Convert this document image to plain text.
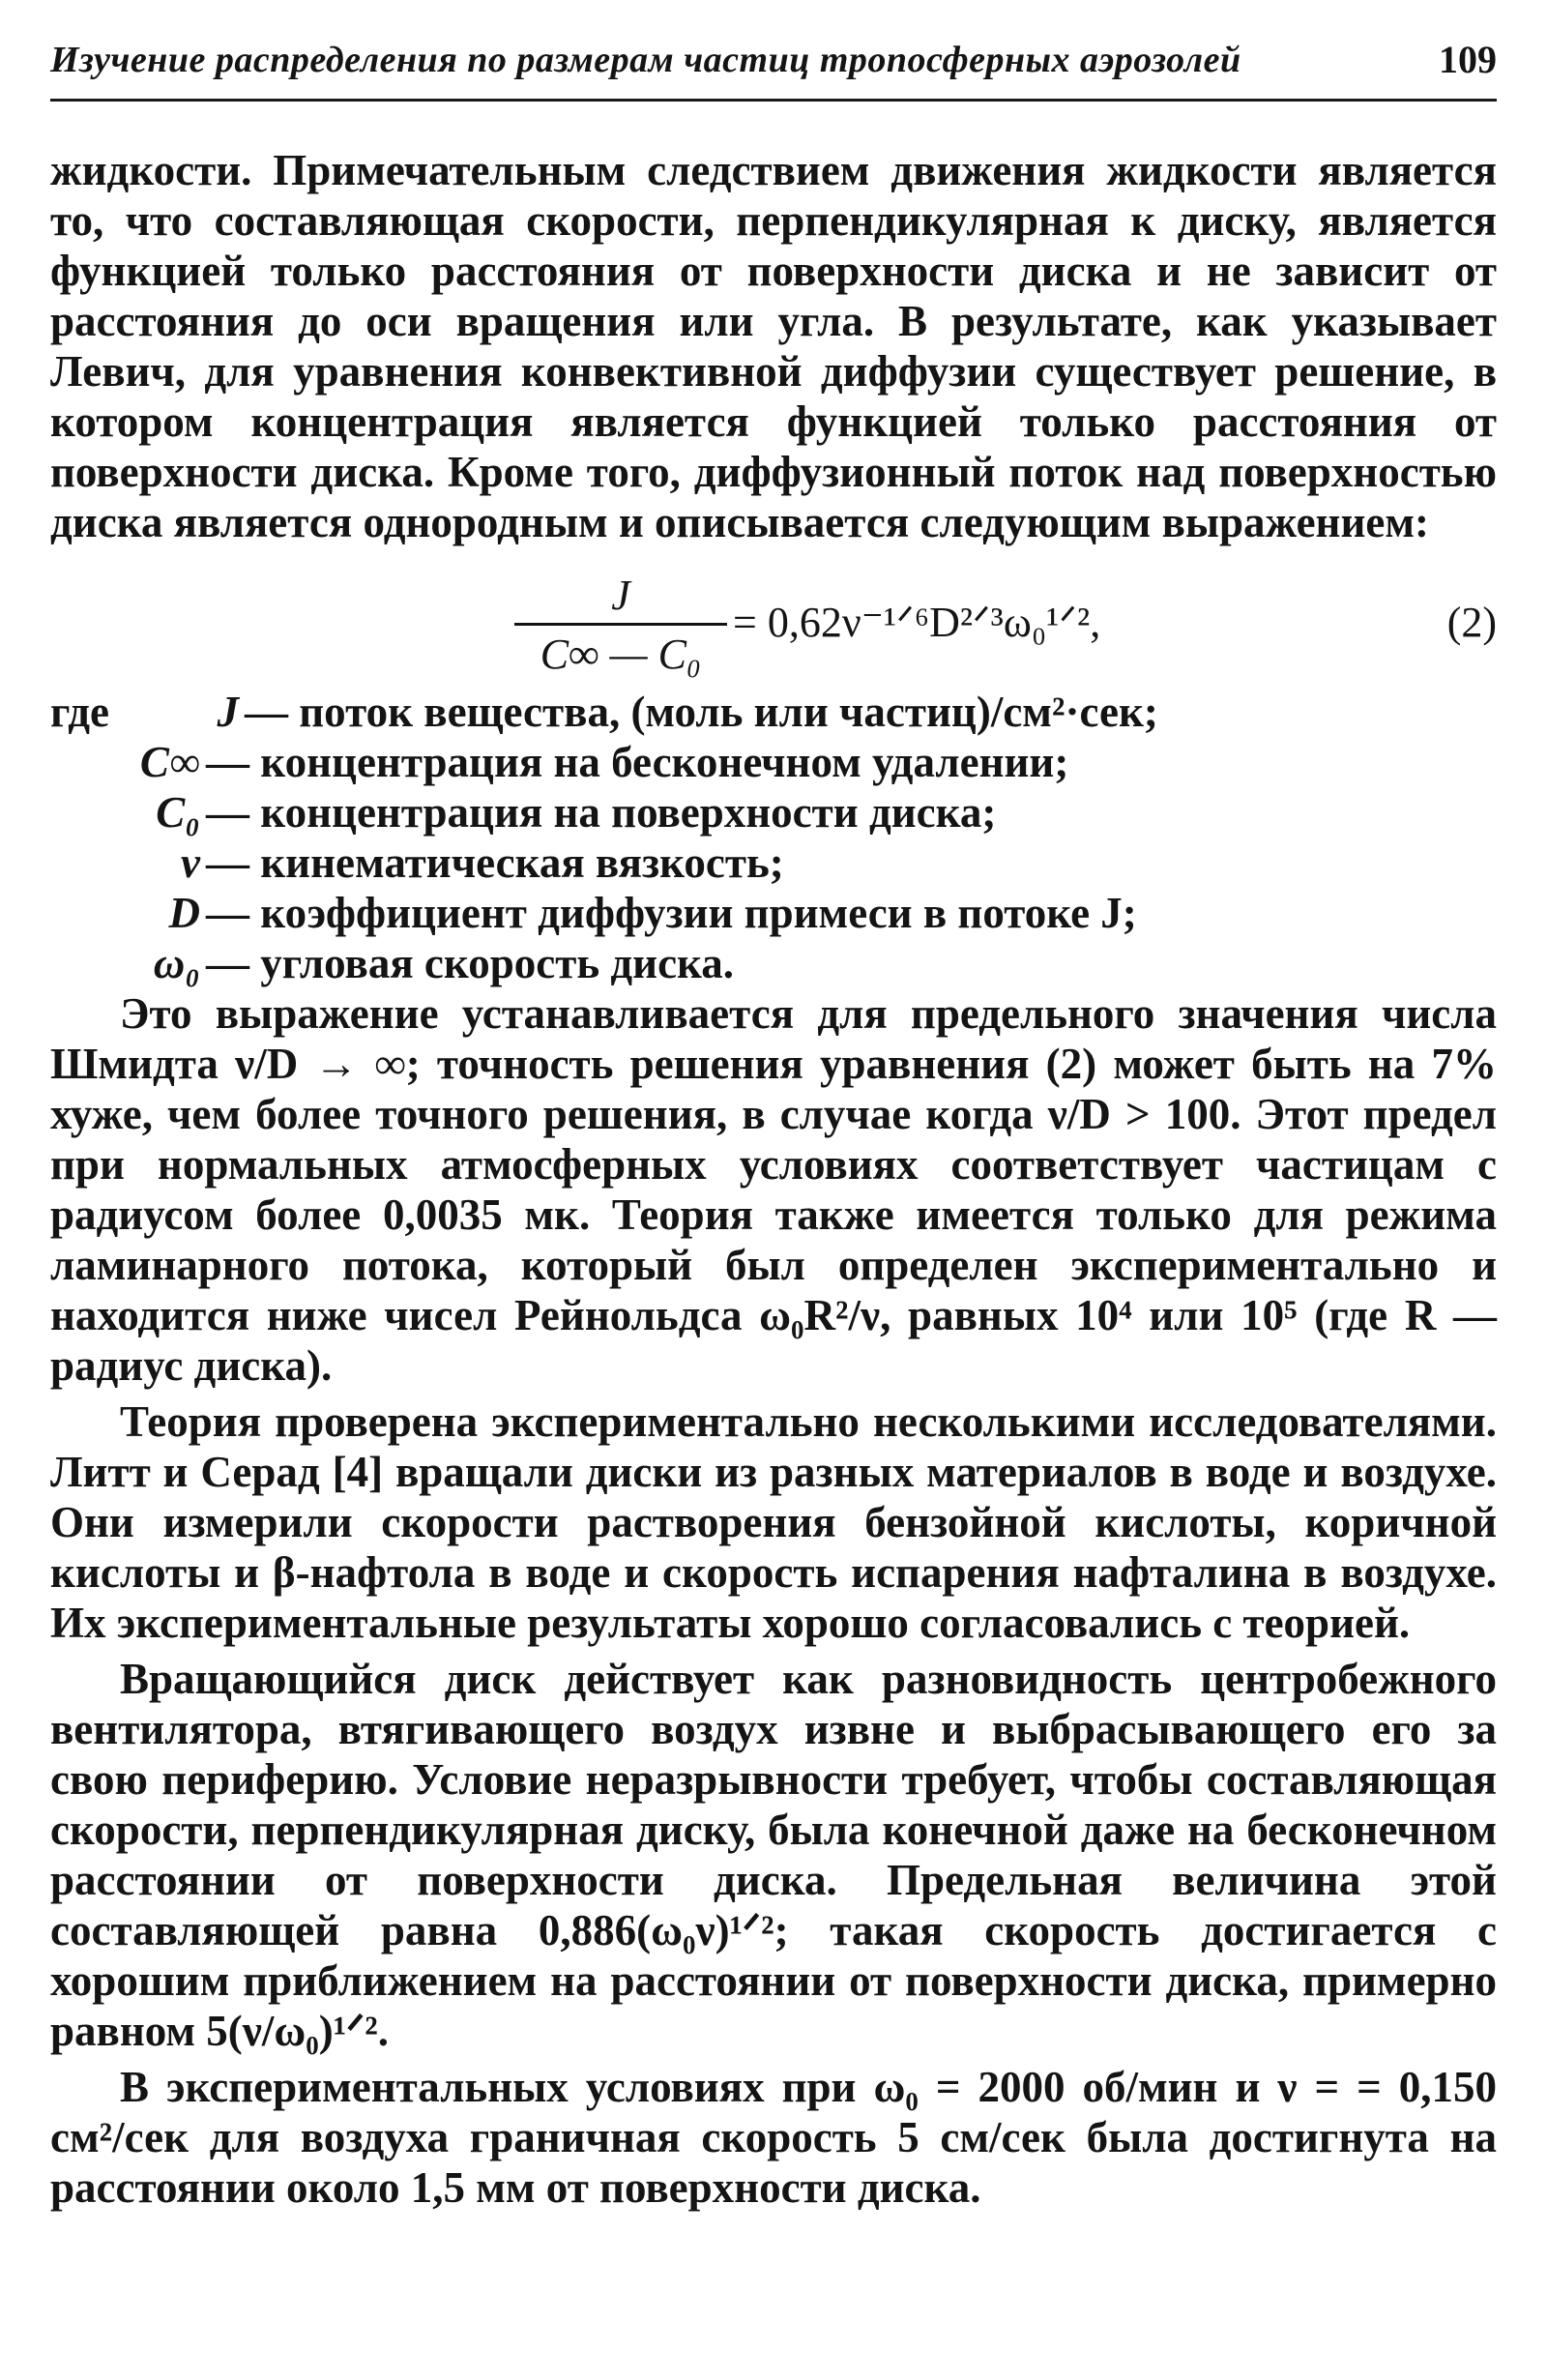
Изучение распределения по размерам частиц тропосферных аэрозолей	109

жидкости. Примечательным следствием движения жидкости является то, что составляющая скорости, перпендикулярная к диску, является функцией только расстояния от поверхности диска и не зависит от расстояния до оси вращения или угла. В результате, как указывает Левич, для уравнения конвективной диффузии существует решение, в котором концентрация является функцией только расстояния от поверхности диска. Кроме того, диффузионный поток над поверхностью диска является однородным и описывается следующим выражением:

J
C∞ — C₀
= 0,62ν⁻¹ᐟ⁶D²ᐟ³ω₀¹ᐟ²,	(2)
где	J — поток вещества, (моль или частиц)/см²·сек;
C∞ — концентрация на бесконечном удалении;
C₀ — концентрация на поверхности диска;
ν — кинематическая вязкость;
D — коэффициент диффузии примеси в потоке J;
ω₀ — угловая скорость диска.

Это выражение устанавливается для предельного значения числа Шмидта ν/D → ∞; точность решения уравнения (2) может быть на 7% хуже, чем более точного решения, в случае когда ν/D > 100. Этот предел при нормальных атмосферных условиях соответствует частицам с радиусом более 0,0035 мк. Теория также имеется только для режима ламинарного потока, который был определен экспериментально и находится ниже чисел Рейнольдса ω₀R²/ν, равных 10⁴ или 10⁵ (где R — радиус диска).

Теория проверена экспериментально несколькими исследователями. Литт и Серад [4] вращали диски из разных материалов в воде и воздухе. Они измерили скорости растворения бензойной кислоты, коричной кислоты и β-нафтола в воде и скорость испарения нафталина в воздухе. Их экспериментальные результаты хорошо согласовались с теорией.

Вращающийся диск действует как разновидность центробежного вентилятора, втягивающего воздух извне и выбрасывающего его за свою периферию. Условие неразрывности требует, чтобы составляющая скорости, перпендикулярная диску, была конечной даже на бесконечном расстоянии от поверхности диска. Предельная величина этой составляющей равна 0,886(ω₀ν)¹ᐟ²; такая скорость достигается с хорошим приближением на расстоянии от поверхности диска, примерно равном 5(ν/ω₀)¹ᐟ².

В экспериментальных условиях при ω₀ = 2000 об/мин и ν = = 0,150 см²/сек для воздуха граничная скорость 5 см/сек была достигнута на расстоянии около 1,5 мм от поверхности диска.
